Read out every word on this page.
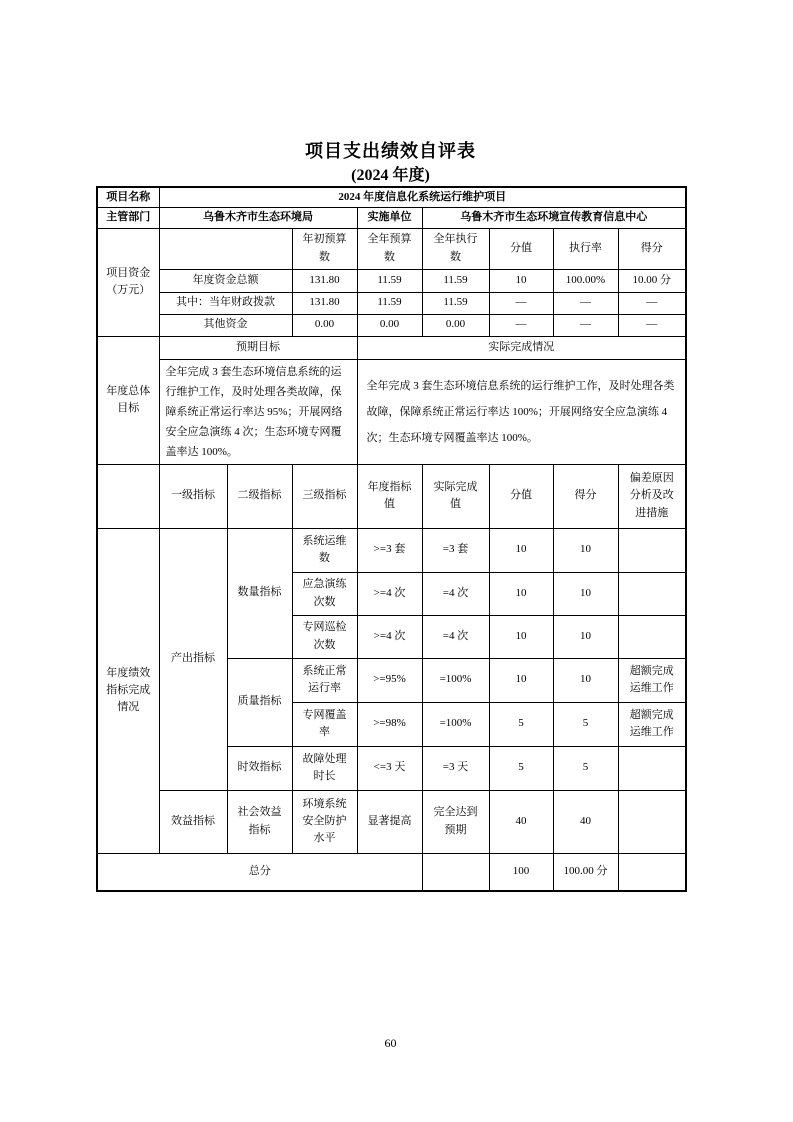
项目支出绩效自评表
(2024 年度)
项目名称	2024 年度信息化系统运行维护项目							
主管部门	乌鲁木齐市生态环境局			实施单位	乌鲁木齐市生态环境宣传教育信息中心			
项目资金（万元）			年初预算数	全年预算数	全年执行数	分值	执行率	得分
	年度资金总额		131.80	11.59	11.59	10	100.00%	10.00 分
	其中：当年财政拨款		131.80	11.59	11.59	—	—	—
	其他资金		0.00	0.00	0.00	—	—	—
年度总体目标	预期目标			实际完成情况				
	全年完成 3 套生态环境信息系统的运行维护工作，及时处理各类故障，保障系统正常运行率达 95%；开展网络安全应急演练 4 次；生态环境专网覆盖率达 100%。			全年完成 3 套生态环境信息系统的运行维护工作，及时处理各类故障，保障系统正常运行率达 100%；开展网络安全应急演练 4 次；生态环境专网覆盖率达 100%。				
	一级指标	二级指标	三级指标	年度指标值	实际完成值	分值	得分	偏差原因分析及改进措施
年度绩效指标完成情况	产出指标	数量指标	系统运维数	>=3 套	=3 套	10	10	
			应急演练次数	>=4 次	=4 次	10	10	
			专网巡检次数	>=4 次	=4 次	10	10	
		质量指标	系统正常运行率	>=95%	=100%	10	10	超额完成运维工作
			专网覆盖率	>=98%	=100%	5	5	超额完成运维工作
		时效指标	故障处理时长	<=3 天	=3 天	5	5	
	效益指标	社会效益指标	环境系统安全防护水平	显著提高	完全达到预期	40	40	
总分						100	100.00 分	
60
